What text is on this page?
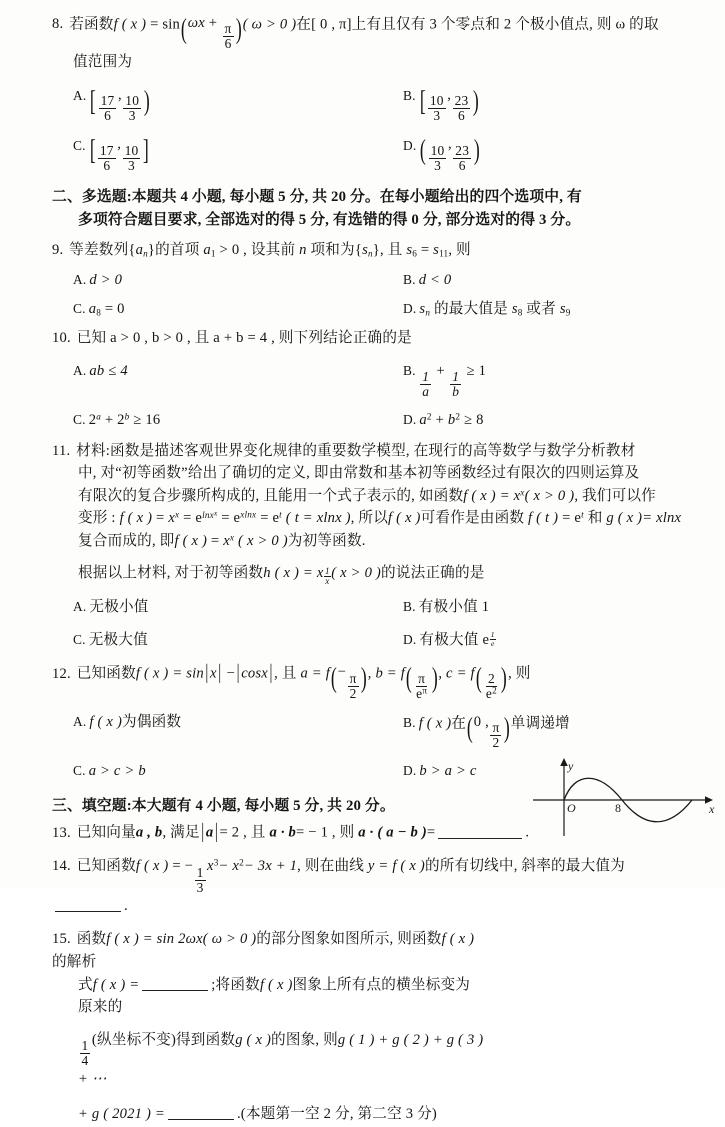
8. 若函数f ( x ) = $\sin(\omega x + \frac{\pi}{6}$ )( ω > 0 )在[ 0 , π]上有且仅有 3 个零点和 2 个极小值点, 则 ω 的取
值范围为
A. [ $\frac{17}{6}$ , $\frac{10}{3}$ )	B. [ $\frac{10}{3}$ , $\frac{23}{6}$ )
C. [ $\frac{17}{6}$ , $\frac{10}{3}$ ]	D. ( $\frac{10}{3}$ , $\frac{23}{6}$ )
二、多选题:本题共 4 小题, 每小题 5 分, 共 20 分。在每小题给出的四个选项中, 有
多项符合题目要求, 全部选对的得 5 分, 有选错的得 0 分, 部分选对的得 3 分。
9. 等差数列$\{a_n\}$的首项 $a_1 > 0$ , 设其前 n 项和为$\{s_n\}$, 且 $s_6 = s_{11}$, 则
A. d > 0	B. d < 0
C. $a_8 = 0$	D. $s_n$ 的最大值是 $s_8$ 或者 $s_9$
10. 已知 a > 0 , b > 0 , 且 a + b = 4 , 则下列结论正确的是
A. ab ≤ 4	B. $\frac{1}{a} + \frac{1}{b} \ge 1$
C. $2^a + 2^b \ge 16$	D. $a^2 + b^2 \ge 8$
11. 材料:函数是描述客观世界变化规律的重要数学模型, 在现行的高等数学与数学分析教材
中, 对“初等函数”给出了确切的定义, 即由常数和基本初等函数经过有限次的四则运算及
有限次的复合步骤所构成的, 且能用一个式子表示的, 如函数f ( x ) = $x^x$( x > 0 ), 我们可以作
变形 : f ( x ) = $x^x = e^{lnx^x} = e^{xlnx} = e^t$ ( t = xlnx ), 所以f ( x )可看作是由函数 f ( t ) = $e^t$ 和 g ( x )= xlnx
复合而成的, 即f ( x ) = $x^x$ ( x > 0 )为初等函数.
根据以上材料, 对于初等函数h ( x ) = x $\frac{1}{x}$ ( x > 0 )的说法正确的是
A. 无极小值	B. 有极小值 1
C. 无极大值	D. 有极大值 e $^{\frac{1}{e}}$
12. 已知函数f ( x ) = sin | x | − | cosx | , 且 $a = f(- \frac{\pi}{2}$ ), $b = f( \frac{\pi}{e^\pi}$ ), $c = f( \frac{2}{e^2}$ ), 则
A. f ( x )为偶函数	B. f ( x )在(0 , $\frac{\pi}{2}$ )单调递增
C. a > c > b	D. b > a > c
三、填空题:本大题有 4 小题, 每小题 5 分, 共 20 分。
13. 已知向量a , b, 满足 | a | = 2 , 且 a · b= − 1 , 则 a · ( a − b )=	.
14. 已知函数f ( x ) = − $\frac{1}{3} x^3- x^2- 3x + 1$, 则在曲线 y = f ( x )的所有切线中, 斜率的最大值为.
15. 函数f ( x ) = sin 2ωx( ω > 0 )的部分图象如图所示, 则函数f ( x )的解析
式f ( x ) =	;将函数f ( x )图象上所有点的横坐标变为原来的
$\frac{1}{4}$ (纵坐标不变)得到函数g ( x )的图象, 则g ( 1 ) + g ( 2 ) + g ( 3 ) + ⋯
+ g ( 2021 ) =	.(本题第一空 2 分, 第二空 3 分)
O	8	x
y
